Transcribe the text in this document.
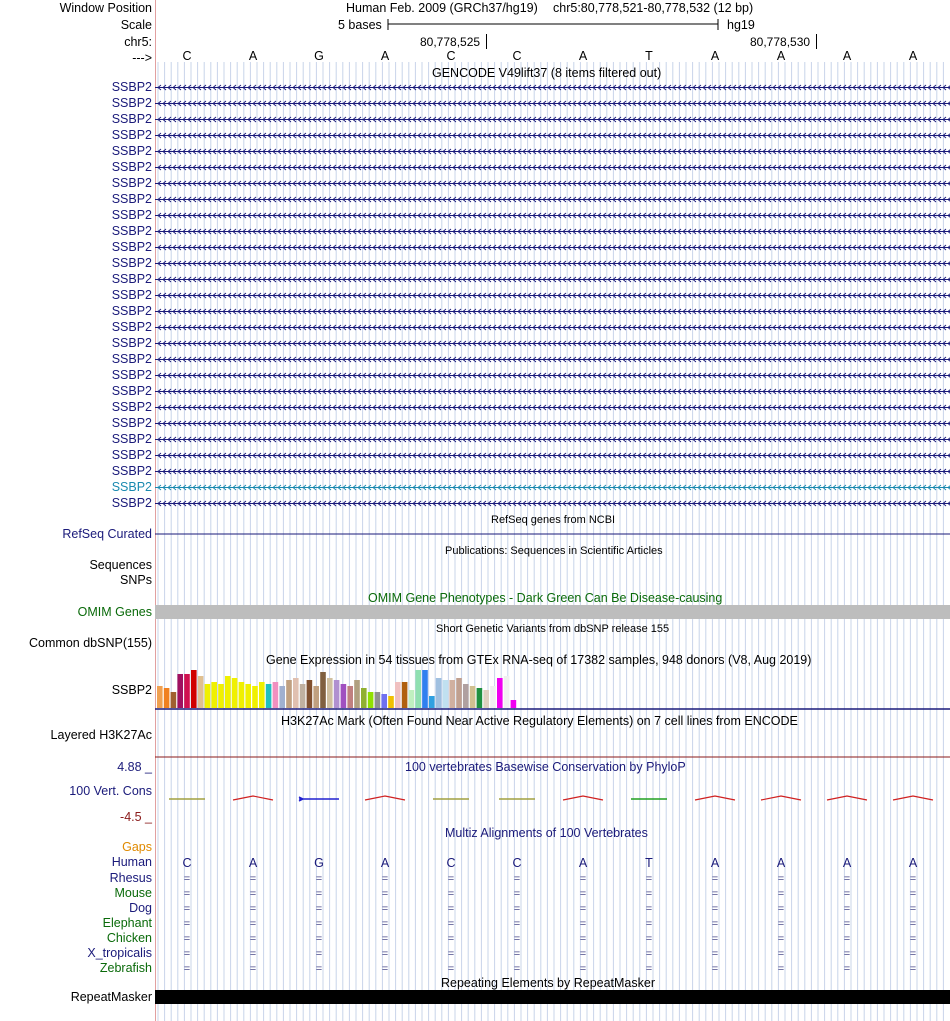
Window Position
Scale
chr5:
--->
Human Feb. 2009 (GRCh37/hg19) chr5:80,778,521-80,778,532 (12 bp)
5 bases	hg19
80,778,525	80,778,530
C	A	G	A	C	C	A	T	A	A	A	A
GENCODE V49lift37 (8 items filtered out)
SSBP2
SSBP2
SSBP2
SSBP2
SSBP2
SSBP2
SSBP2
SSBP2
SSBP2
SSBP2
SSBP2
SSBP2
SSBP2
SSBP2
SSBP2
SSBP2
SSBP2
SSBP2
SSBP2
SSBP2
SSBP2
SSBP2
SSBP2
SSBP2
SSBP2
SSBP2
SSBP2
RefSeq genes from NCBI
RefSeq Curated
Publications: Sequences in Scientific Articles
Sequences
SNPs
OMIM Gene Phenotypes - Dark Green Can Be Disease-causing
OMIM Genes
Short Genetic Variants from dbSNP release 155
Common dbSNP(155)
Gene Expression in 54 tissues from GTEx RNA-seq of 17382 samples, 948 donors (V8, Aug 2019)
SSBP2
H3K27Ac Mark (Often Found Near Active Regulatory Elements) on 7 cell lines from ENCODE
Layered H3K27Ac
100 vertebrates Basewise Conservation by PhyloP
4.88 _
100 Vert. Cons
-4.5 _
Multiz Alignments of 100 Vertebrates
Gaps
Human	C	A	G	A	C	C	A	T	A	A	A	A
Rhesus	=	=	=	=	=	=	=	=	=	=	=	=
Mouse	=	=	=	=	=	=	=	=	=	=	=	=
Dog	=	=	=	=	=	=	=	=	=	=	=	=
Elephant	=	=	=	=	=	=	=	=	=	=	=	=
Chicken	=	=	=	=	=	=	=	=	=	=	=	=
X_tropicalis	=	=	=	=	=	=	=	=	=	=	=	=
Zebrafish	=	=	=	=	=	=	=	=	=	=	=	=
Repeating Elements by RepeatMasker
RepeatMasker
